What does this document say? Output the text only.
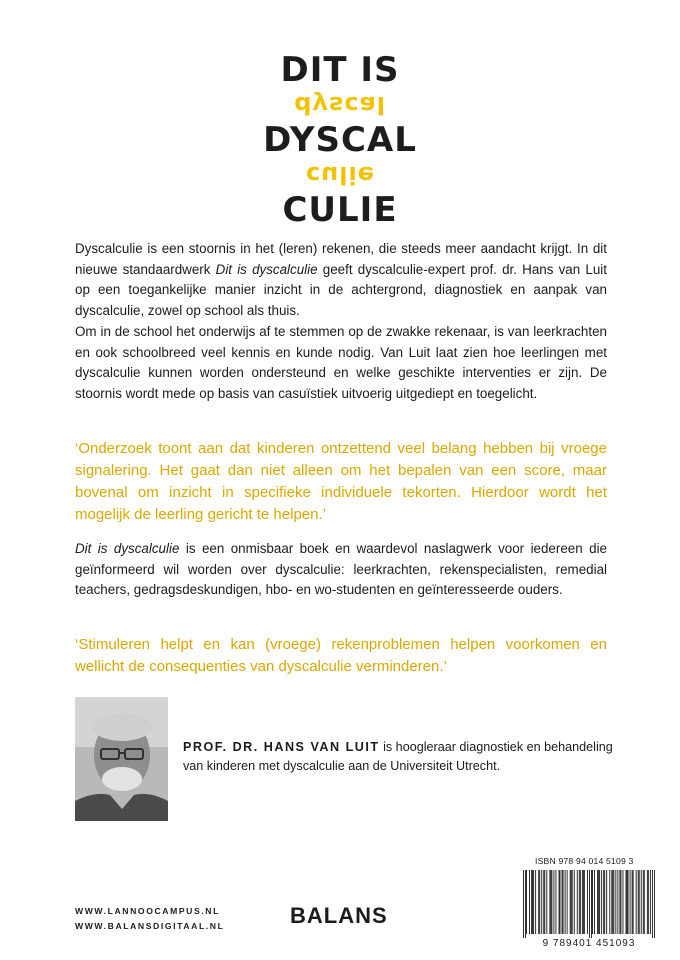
DIT IS
dyscal
DYSCAL
culie
CULIE

Dyscalculie is een stoornis in het (leren) rekenen, die steeds meer aandacht krijgt. In dit nieuwe standaardwerk Dit is dyscalculie geeft dyscalculie-expert prof. dr. Hans van Luit op een toegankelijke manier inzicht in de achtergrond, diagnostiek en aanpak van dyscalculie, zowel op school als thuis.

Om in de school het onderwijs af te stemmen op de zwakke rekenaar, is van leerkrachten en ook schoolbreed veel kennis en kunde nodig. Van Luit laat zien hoe leerlingen met dyscalculie kunnen worden ondersteund en welke geschikte interventies er zijn. De stoornis wordt mede op basis van casuïstiek uitvoerig uitgediept en toegelicht.

‘Onderzoek toont aan dat kinderen ontzettend veel belang hebben bij vroege signalering. Het gaat dan niet alleen om het bepalen van een score, maar bovenal om inzicht in specifieke individuele tekorten. Hierdoor wordt het mogelijk de leerling gericht te helpen.’

Dit is dyscalculie is een onmisbaar boek en waardevol naslagwerk voor iedereen die geïnformeerd wil worden over dyscalculie: leerkrachten, rekenspecialisten, remedial teachers, gedragsdeskundigen, hbo- en wo-studenten en geïnteresseerde ouders.

‘Stimuleren helpt en kan (vroege) rekenproblemen helpen voorkomen en wellicht de consequenties van dyscalculie verminderen.’

PROF. DR. HANS VAN LUIT is hoogleraar diagnostiek en behandeling van kinderen met dyscalculie aan de Universiteit Utrecht.

ISBN 978 94 014 5109 3
9 789401 451093
WWW.LANNOOCAMPUS.NL
WWW.BALANSDIGITAAL.NL	BALANS
